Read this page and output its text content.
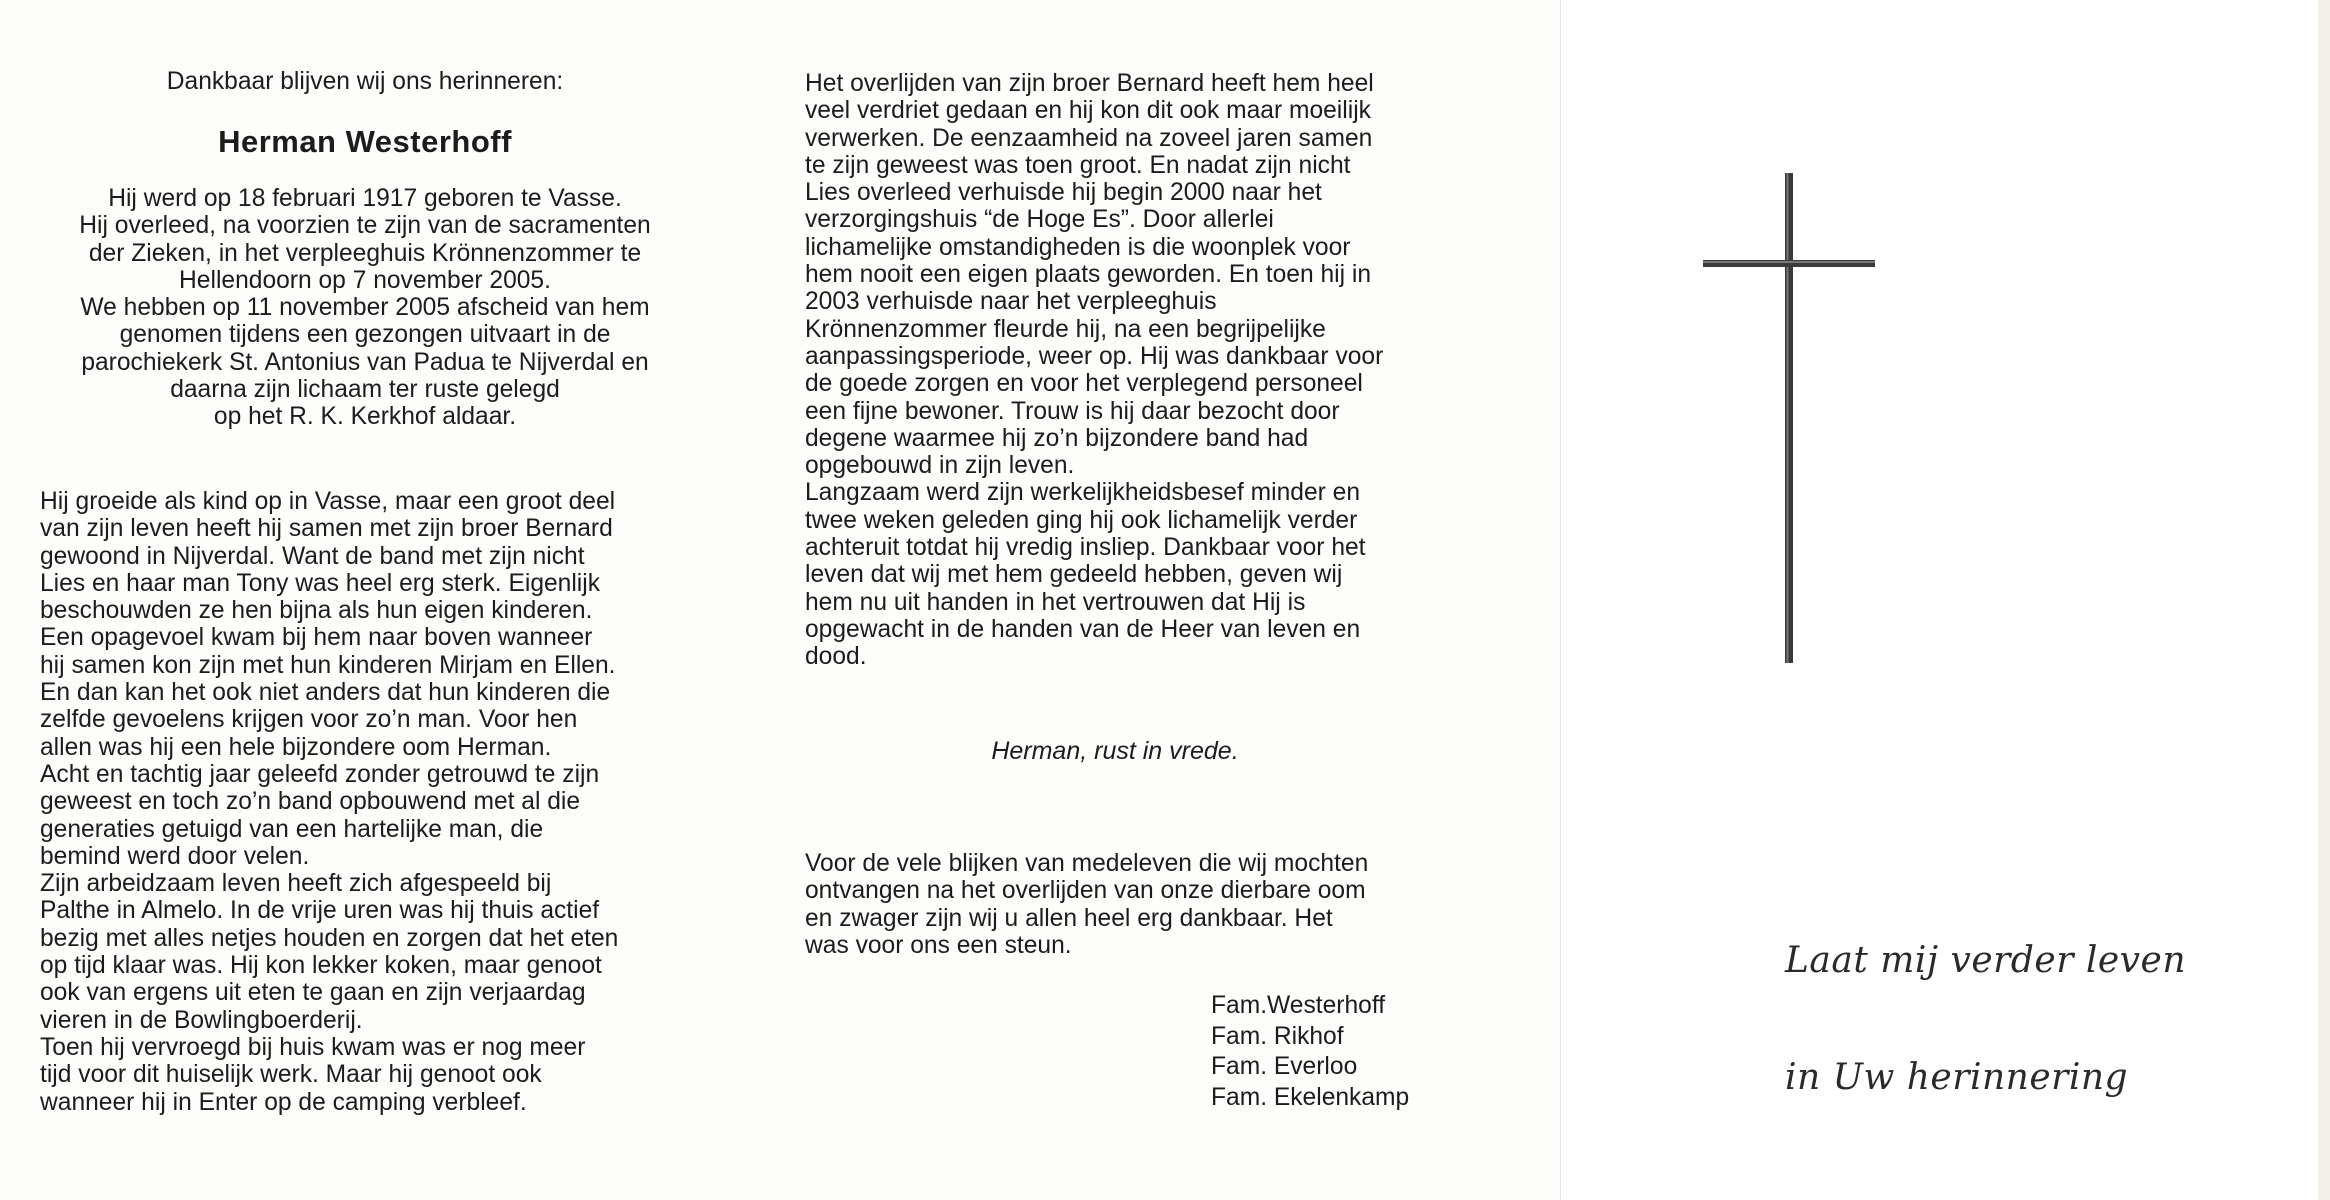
Dankbaar blijven wij ons herinneren:
Herman Westerhoff
Hij werd op 18 februari 1917 geboren te Vasse.
Hij overleed, na voorzien te zijn van de sacramenten
der Zieken, in het verpleeghuis Krönnenzommer te
Hellendoorn op 7 november 2005.
We hebben op 11 november 2005 afscheid van hem
genomen tijdens een gezongen uitvaart in de
parochiekerk St. Antonius van Padua te Nijverdal en
daarna zijn lichaam ter ruste gelegd
op het R. K. Kerkhof aldaar.
Hij groeide als kind op in Vasse, maar een groot deel
van zijn leven heeft hij samen met zijn broer Bernard
gewoond in Nijverdal. Want de band met zijn nicht
Lies en haar man Tony was heel erg sterk. Eigenlijk
beschouwden ze hen bijna als hun eigen kinderen.
Een opagevoel kwam bij hem naar boven wanneer
hij samen kon zijn met hun kinderen Mirjam en Ellen.
En dan kan het ook niet anders dat hun kinderen die
zelfde gevoelens krijgen voor zo’n man. Voor hen
allen was hij een hele bijzondere oom Herman.
Acht en tachtig jaar geleefd zonder getrouwd te zijn
geweest en toch zo’n band opbouwend met al die
generaties getuigd van een hartelijke man, die
bemind werd door velen.
Zijn arbeidzaam leven heeft zich afgespeeld bij
Palthe in Almelo. In de vrije uren was hij thuis actief
bezig met alles netjes houden en zorgen dat het eten
op tijd klaar was. Hij kon lekker koken, maar genoot
ook van ergens uit eten te gaan en zijn verjaardag
vieren in de Bowlingboerderij.
Toen hij vervroegd bij huis kwam was er nog meer
tijd voor dit huiselijk werk. Maar hij genoot ook
wanneer hij in Enter op de camping verbleef.
Het overlijden van zijn broer Bernard heeft hem heel
veel verdriet gedaan en hij kon dit ook maar moeilijk
verwerken. De eenzaamheid na zoveel jaren samen
te zijn geweest was toen groot. En nadat zijn nicht
Lies overleed verhuisde hij begin 2000 naar het
verzorgingshuis “de Hoge Es”. Door allerlei
lichamelijke omstandigheden is die woonplek voor
hem nooit een eigen plaats geworden. En toen hij in
2003 verhuisde naar het verpleeghuis
Krönnenzommer fleurde hij, na een begrijpelijke
aanpassingsperiode, weer op. Hij was dankbaar voor
de goede zorgen en voor het verplegend personeel
een fijne bewoner. Trouw is hij daar bezocht door
degene waarmee hij zo’n bijzondere band had
opgebouwd in zijn leven.
Langzaam werd zijn werkelijkheidsbesef minder en
twee weken geleden ging hij ook lichamelijk verder
achteruit totdat hij vredig insliep. Dankbaar voor het
leven dat wij met hem gedeeld hebben, geven wij
hem nu uit handen in het vertrouwen dat Hij is
opgewacht in de handen van de Heer van leven en
dood.
Herman, rust in vrede.
Voor de vele blijken van medeleven die wij mochten
ontvangen na het overlijden van onze dierbare oom
en zwager zijn wij u allen heel erg dankbaar. Het
was voor ons een steun.
Fam.Westerhoff
Fam. Rikhof
Fam. Everloo
Fam. Ekelenkamp
Laat mij verder leven
in Uw herinnering
